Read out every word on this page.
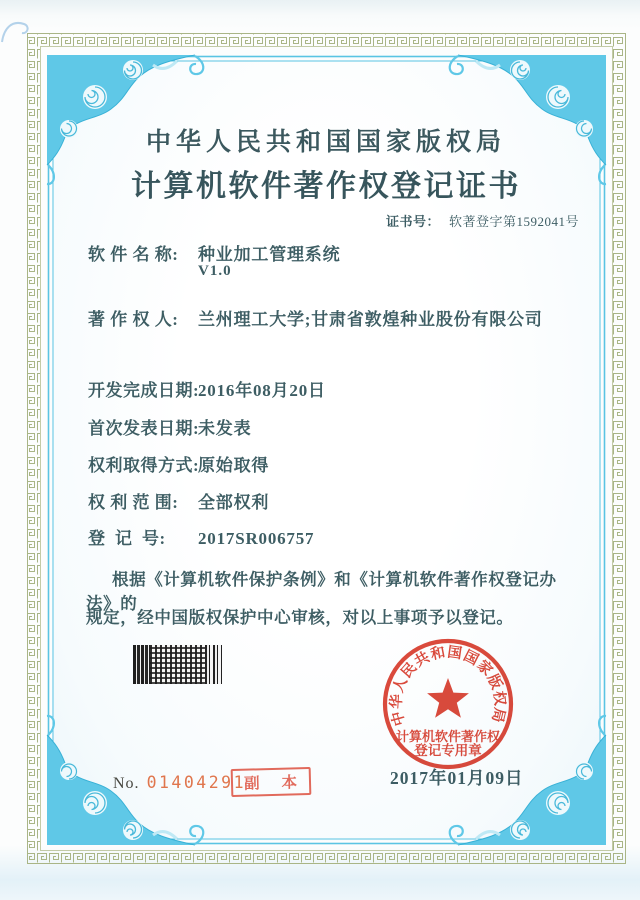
中华人民共和国国家版权局
计算机软件著作权登记证书
证书号： 软著登字第1592041号
软 件 名 称: 种业加工管理系统
V1.0
著 作 权 人: 兰州理工大学;甘肃省敦煌种业股份有限公司
开发完成日期:2016年08月20日
首次发表日期:未发表
权利取得方式:原始取得
权 利 范 围: 全部权利
登  记  号: 2017SR006757
根据《计算机软件保护条例》和《计算机软件著作权登记办法》的
规定，经中国版权保护中心审核，对以上事项予以登记。
2017年01月09日
中华人民共和国国家版权局
计算机软件著作权
登记专用章
No. 01404291
副 本
